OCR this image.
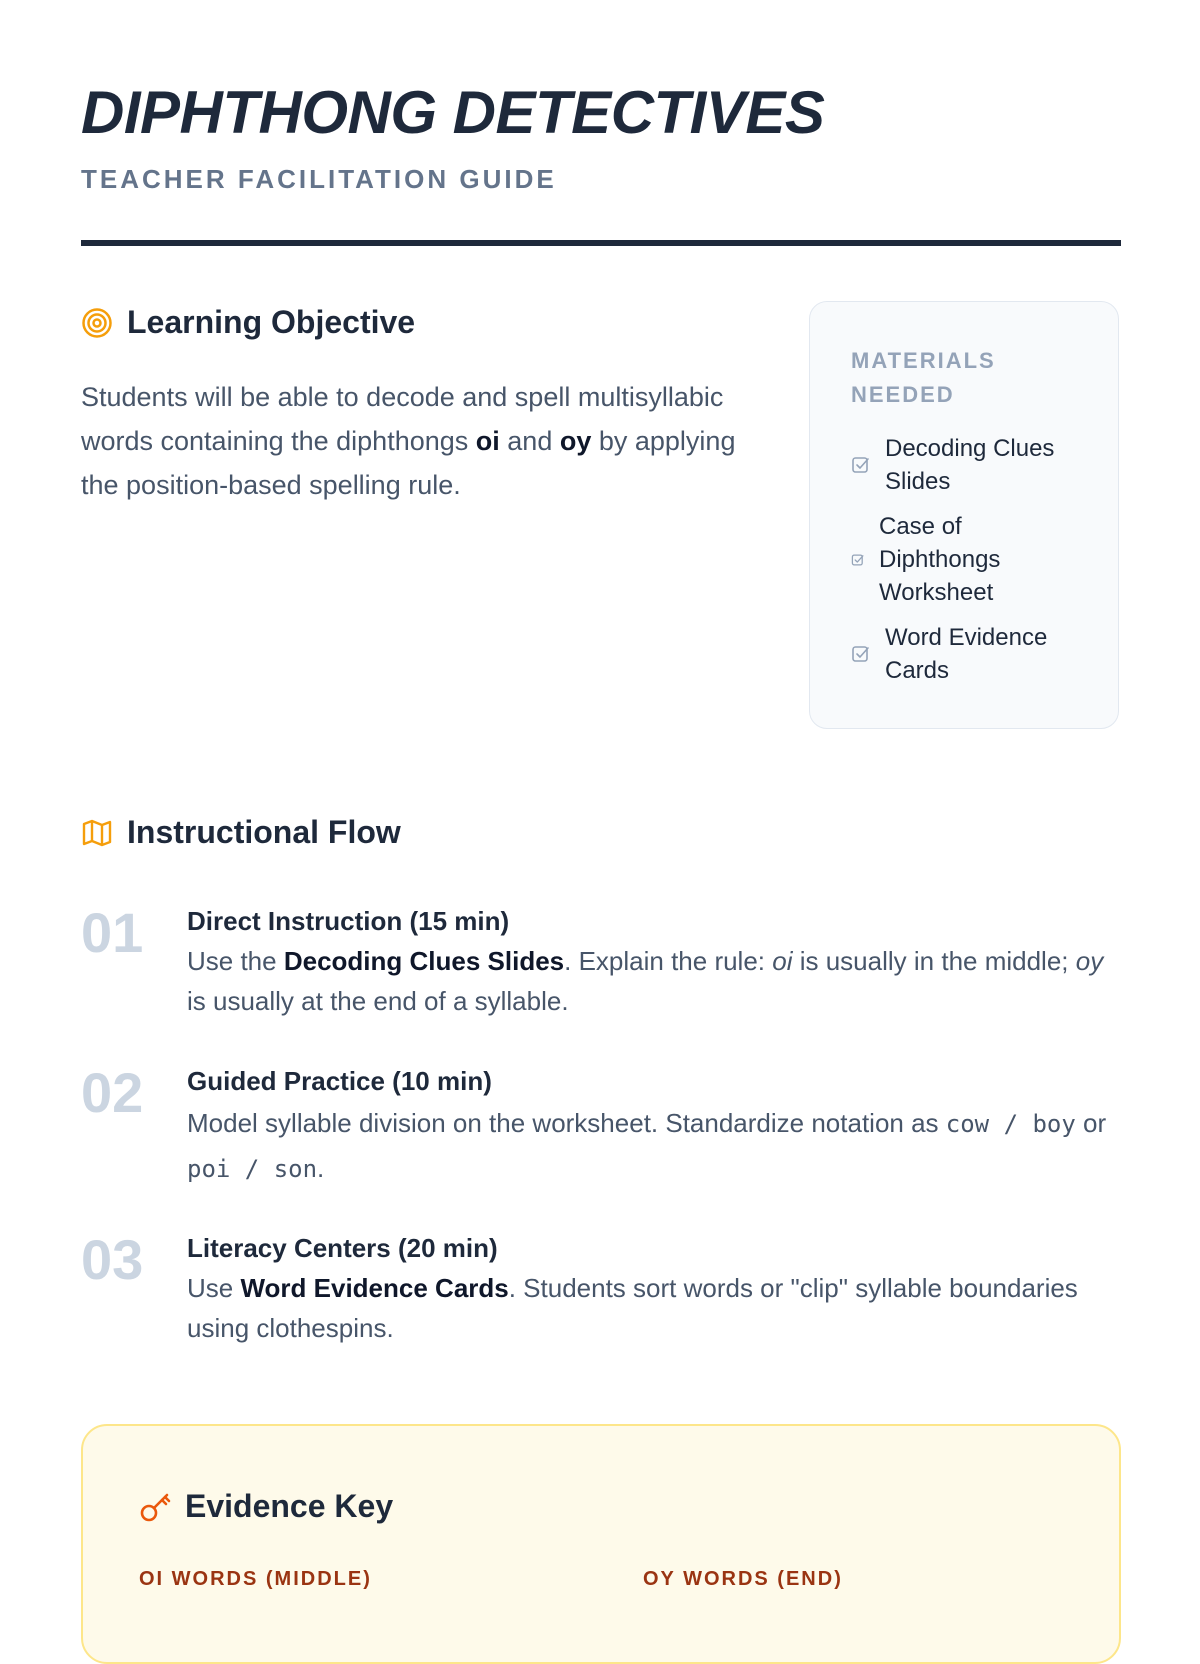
DIPHTHONG DETECTIVES
TEACHER FACILITATION GUIDE
Learning Objective

Students will be able to decode and spell multisyllabic words containing the diphthongs oi and oy by applying the position-based spelling rule.

MATERIALS NEEDED
Decoding Clues Slides
Case of Diphthongs Worksheet
Word Evidence Cards
Instructional Flow
01 Direct Instruction (15 min)
Use the Decoding Clues Slides. Explain the rule: oi is usually in the middle; oy is usually at the end of a syllable.
02 Guided Practice (10 min)
Model syllable division on the worksheet. Standardize notation as cow / boy or poi / son.
03 Literacy Centers (20 min)
Use Word Evidence Cards. Students sort words or "clip" syllable boundaries using clothespins.
Evidence Key
OI WORDS (MIDDLE)	OY WORDS (END)
